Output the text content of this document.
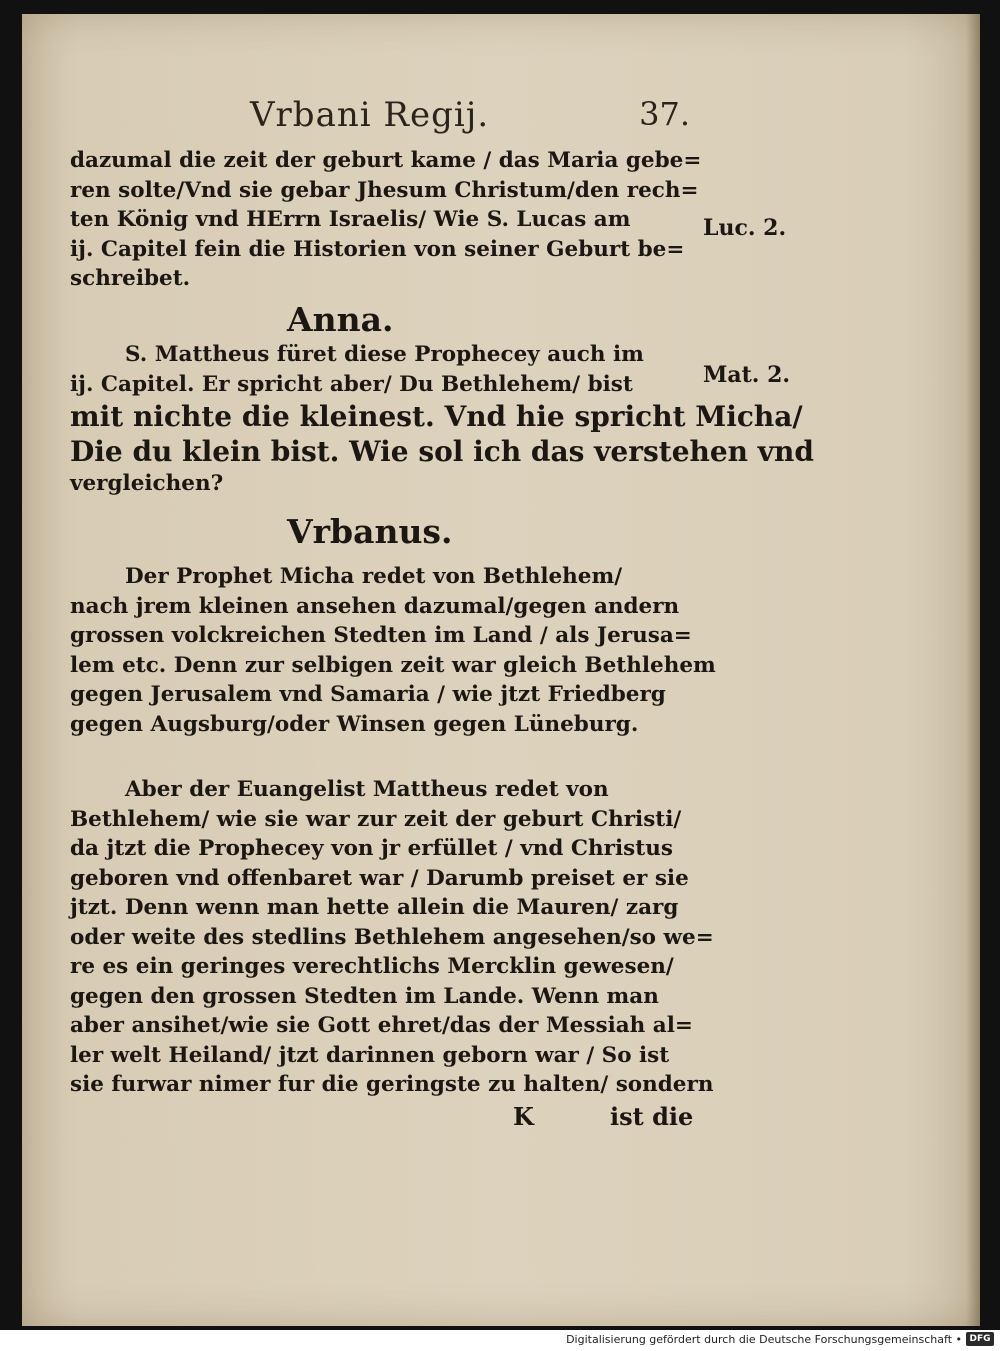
Vrbani Regij.	37.
dazumal die zeit der geburt kame / das Maria gebe=
ren solte/Vnd sie gebar Jhesum Christum/den rech=
ten König vnd HErrn Israelis/ Wie S. Lucas am
ij. Capitel fein die Historien von seiner Geburt be=
schreibet.
Anna.
S. Mattheus füret diese Prophecey auch im
ij. Capitel. Er spricht aber/ Du Bethlehem/ bist
mit nichte die kleinest. Vnd hie spricht Micha/
Die du klein bist. Wie sol ich das verstehen vnd
vergleichen?
Vrbanus.
Der Prophet Micha redet von Bethlehem/
nach jrem kleinen ansehen dazumal/gegen andern
grossen volckreichen Stedten im Land / als Jerusa=
lem etc. Denn zur selbigen zeit war gleich Bethlehem
gegen Jerusalem vnd Samaria / wie jtzt Friedberg
gegen Augsburg/oder Winsen gegen Lüneburg.
Aber der Euangelist Mattheus redet von
Bethlehem/ wie sie war zur zeit der geburt Christi/
da jtzt die Prophecey von jr erfüllet / vnd Christus
geboren vnd offenbaret war / Darumb preiset er sie
jtzt. Denn wenn man hette allein die Mauren/ zarg
oder weite des stedlins Bethlehem angesehen/so we=
re es ein geringes verechtlichs Mercklin gewesen/
gegen den grossen Stedten im Lande. Wenn man
aber ansihet/wie sie Gott ehret/das der Messiah al=
ler welt Heiland/ jtzt darinnen geborn war / So ist
sie furwar nimer fur die geringste zu halten/ sondern
K	ist die
Luc. 2.
Mat. 2.
Digitalisierung gefördert durch die Deutsche Forschungsgemeinschaft • DFG
